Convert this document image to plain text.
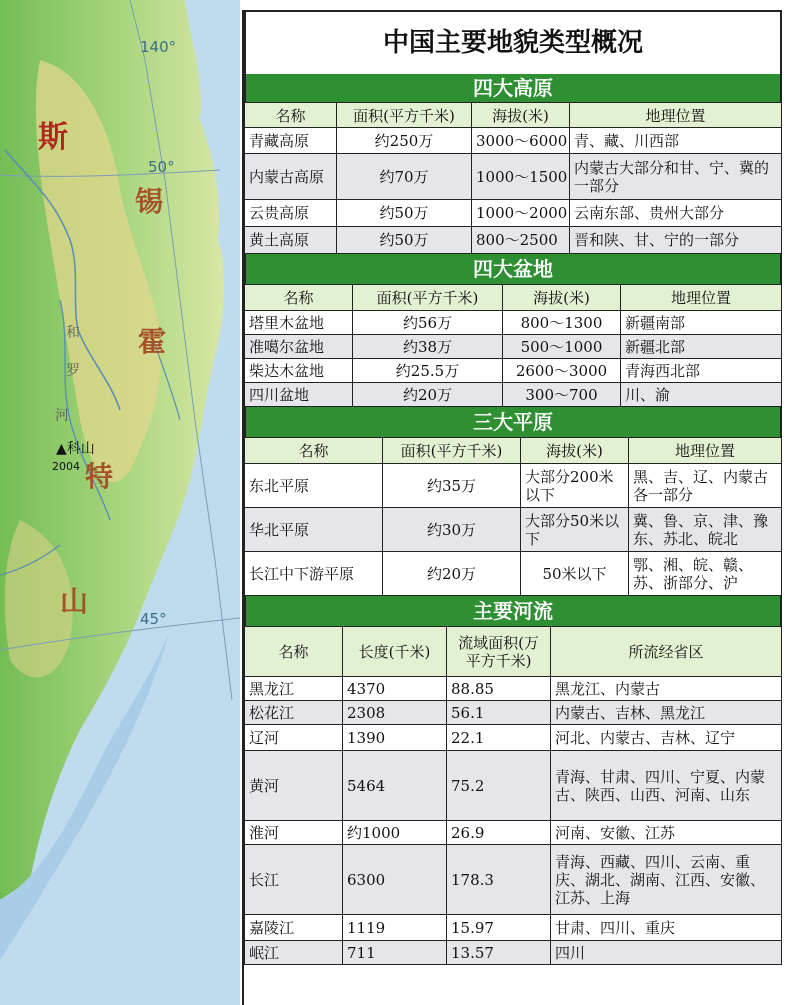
斯
锡
霍
特
山
和
罗
河
▲科山
2004
140°
50°
45°
中国主要地貌类型概况
四大高原
名称	面积(平方千米)	海拔(米)	地理位置
青藏高原	约250万	3000～6000	青、藏、川西部
内蒙古高原	约70万	1000～1500	内蒙古大部分和甘、宁、冀的一部分
云贵高原	约50万	1000～2000	云南东部、贵州大部分
黄土高原	约50万	800～2500	晋和陕、甘、宁的一部分
四大盆地
名称	面积(平方千米)	海拔(米)	地理位置
塔里木盆地	约56万	800～1300	新疆南部
准噶尔盆地	约38万	500～1000	新疆北部
柴达木盆地	约25.5万	2600～3000	青海西北部
四川盆地	约20万	300～700	川、渝
三大平原
名称	面积(平方千米)	海拔(米)	地理位置
东北平原	约35万	大部分200米以下	黑、吉、辽、内蒙古各一部分
华北平原	约30万	大部分50米以下	冀、鲁、京、津、豫东、苏北、皖北
长江中下游平原	约20万	50米以下	鄂、湘、皖、赣、苏、浙部分、沪
主要河流
名称	长度(千米)	流域面积(万平方千米)	所流经省区
黑龙江	4370	88.85	黑龙江、内蒙古
松花江	2308	56.1	内蒙古、吉林、黑龙江
辽河	1390	22.1	河北、内蒙古、吉林、辽宁
黄河	5464	75.2	青海、甘肃、四川、宁夏、内蒙古、陕西、山西、河南、山东
淮河	约1000	26.9	河南、安徽、江苏
长江	6300	178.3	青海、西藏、四川、云南、重庆、湖北、湖南、江西、安徽、江苏、上海
嘉陵江	1119	15.97	甘肃、四川、重庆
岷江	711	13.57	四川
